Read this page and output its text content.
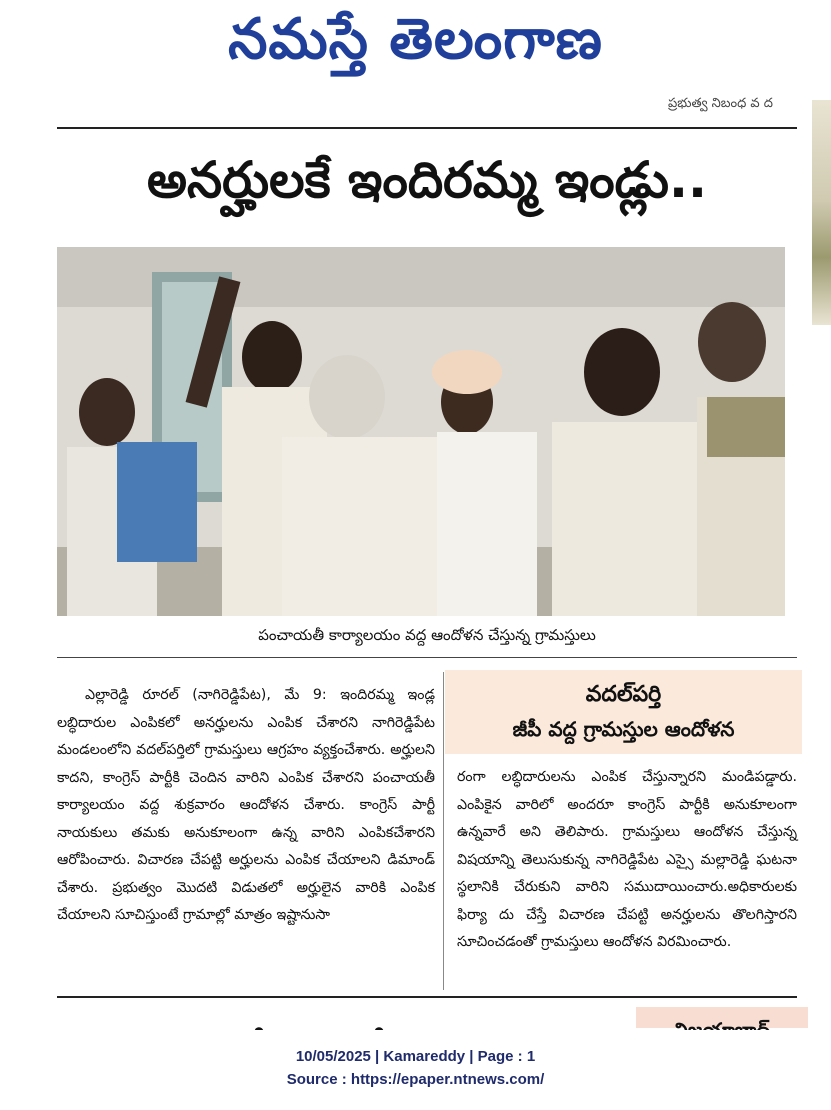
నమస్తే తెలంగాణ
ప్రభుత్వ నిబంధ వ ద
అనర్హులకే ఇందిరమ్మ ఇండ్లు..
పంచాయతీ కార్యాలయం వద్ద ఆందోళన చేస్తున్న గ్రామస్తులు

ఎల్లారెడ్డి రూరల్ (నాగిరెడ్డిపేట), మే 9: ఇందిరమ్మ ఇండ్ల లబ్ధిదారుల ఎంపికలో అనర్హులను ఎంపిక చేశారని నాగిరెడ్డిపేట మండలంలోని వదల్‌పర్తిలో గ్రామస్తులు ఆగ్రహం వ్యక్తంచేశారు. అర్హులని కాదని, కాంగ్రెస్ పార్టీకి చెందిన వారిని ఎంపిక చేశారని పంచాయతీ కార్యాలయం వద్ద శుక్రవారం ఆందోళన చేశారు. కాంగ్రెస్ పార్టీ నాయకులు తమకు అనుకూలంగా ఉన్న వారిని ఎంపికచేశారని ఆరోపించారు. విచారణ చేపట్టి అర్హులను ఎంపిక చేయాలని డిమాండ్ చేశారు. ప్రభుత్వం మొదటి విడుతలో అర్హులైన వారికి ఎంపిక చేయాలని సూచిస్తుంటే గ్రామాల్లో మాత్రం ఇష్టానుసా

వదల్‌పర్తి
జీపీ వద్ద గ్రామస్తుల ఆందోళన

రంగా లబ్ధిదారులను ఎంపిక చేస్తున్నారని మండిపడ్డారు. ఎంపికైన వారిలో అందరూ కాంగ్రెస్ పార్టీకి అనుకూలంగా ఉన్నవారే అని తెలిపారు. గ్రామస్తులు ఆందోళన చేస్తున్న విషయాన్ని తెలుసుకున్న నాగిరెడ్డిపేట ఎస్సై మల్లారెడ్డి ఘటనా స్థలానికి చేరుకుని వారిని సముదాయించారు.అధికారులకు ఫిర్యా దు చేస్తే విచారణ చేపట్టి అనర్హులను తొలగిస్తారని సూచించడంతో గ్రామస్తులు ఆందోళన విరమించారు.

10/05/2025 | Kamareddy | Page : 1
Source : https://epaper.ntnews.com/
